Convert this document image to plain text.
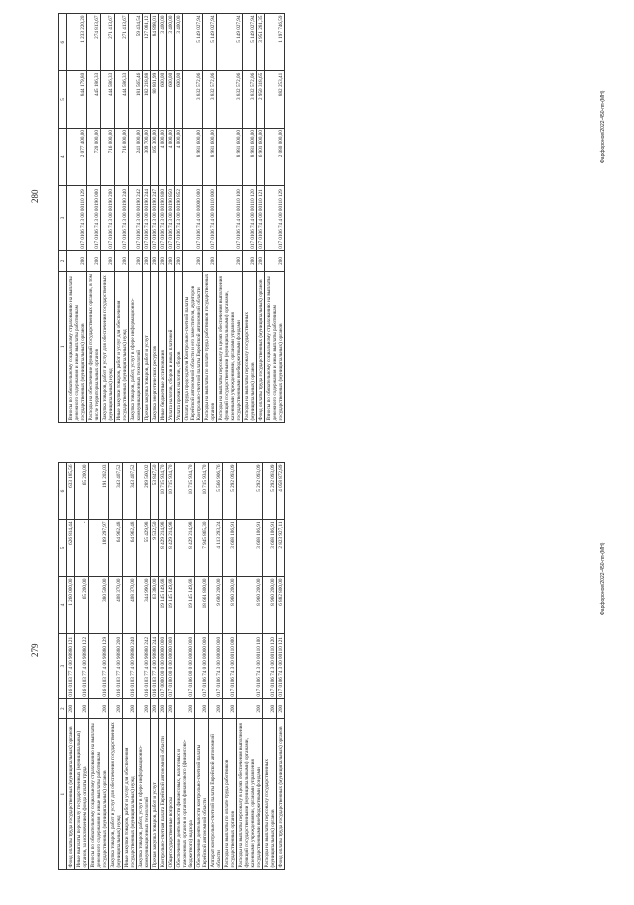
279
1	2	3	4	5	6
Фонд оплаты труда государственных (муниципальных) органов	200	016 0103 77 4 00 90880 121	1 260 000,00	626 814,44	633 185,56
Иные выплаты персоналу государственных (муниципальных) органов, за исключением фонда оплаты труда	200	016 0103 77 4 00 90880 122	65 200,00	-	65 200,00
Взносы по обязательному социальному страхованию на выплаты денежного содержания и иные выплаты работникам государственных (муниципальных) органов	200	016 0103 77 4 00 90880 129	380 500,00	189 297,97	191 202,03
Закупка товаров, работ и услуг для обеспечения государственных (муниципальных) нужд	200	016 0103 77 4 00 90880 200	408 370,00	64 962,48	343 407,52
Иные закупки товаров, работ и услуг для обеспечения государственных (муниципальных) нужд	200	016 0103 77 4 00 90880 240	408 370,00	64 962,48	343 407,52
Закупка товаров, работ, услуг в сфере информационно-коммуникационных технологий	200	016 0103 77 4 00 90880 242	344 990,00	55 429,98	289 560,02
Прочая закупка товаров, работ и услуг	200	016 0103 77 4 00 90880 244	63 380,00	9 532,50	53 847,50
Контрольно-счетная палата Еврейской автономной области	200	017 0000 00 0 00 00000 000	19 145 149,68	8 429 214,98	10 715 934,70
Общегосударственные вопросы	200	017 0100 00 0 00 00000 000	19 145 149,68	8 429 214,98	10 715 934,70
Обеспечение деятельности финансовых, налоговых и таможенных органов и органов финансового (финансово-бюджетного) надзора	200	017 0106 00 0 00 00000 000	19 145 149,68	8 429 214,98	10 715 934,70
Обеспечение деятельности контрольно-счетной палаты Еврейской автономной области	200	017 0106 74 0 00 00000 000	18 661 800,00	7 945 865,30	10 715 934,70
Аппарат контрольно-счетной палаты Еврейской автономной области	200	017 0106 74 3 00 00000 000	9 680 200,00	4 113 293,24	5 566 906,76
Расходы на выплаты по оплате труда работников государственных органов	200	017 0106 74 3 00 00110 000	8 960 200,00	3 668 106,91	5 292 093,09
Расходы на выплаты персоналу в целях обеспечения выполнения функций государственными (муниципальными) органами, казенными учреждениями, органами управления государственными внебюджетными фондами	200	017 0106 74 3 00 00110 100	8 960 200,00	3 668 106,91	5 292 093,09
Расходы на выплаты персоналу государственных (муниципальных) органов	200	017 0106 74 3 00 00110 120	8 960 200,00	3 668 106,91	5 292 093,09
Фонд оплаты труда государственных (муниципальных) органов	200	017 0106 74 3 00 00110 121	6 882 800,00	2 823 927,11	4 058 872,89
Фарфоронов/2022-450-пп-(МН)
280
1	2	3	4	5	6
Взносы по обязательному социальному страхованию на выплаты денежного содержания и иные выплаты работникам государственных (муниципальных) органов	200	017 0106 74 3 00 00110 129	2 077 400,00	844 179,80	1 233 220,20
Расходы на обеспечение функций государственных органов, в том числе территориальных органов	200	017 0106 74 3 00 00190 000	720 000,00	445 186,33	274 813,67
Закупка товаров, работ и услуг для обеспечения государственных (муниципальных) нужд	200	017 0106 74 3 00 00190 200	716 000,00	444 586,33	271 413,67
Иные закупки товаров, работ и услуг для обеспечения государственных (муниципальных) нужд	200	017 0106 74 3 00 00190 240	716 000,00	444 586,33	271 413,67
Закупка товаров, работ, услуг в сфере информационно-коммуникационных технологий	200	017 0106 74 3 00 00190 242	241 000,00	181 565,46	59 434,54
Прочая закупка товаров, работ и услуг	200	017 0106 74 3 00 00190 244	309 700,00	182 218,88	127 081,12
Закупка энергетических ресурсов	200	017 0106 74 3 00 00190 247	165 300,00	80 801,99	84 898,01
Иные бюджетные ассигнования	200	017 0106 74 3 00 00190 800	4 000,00	600,00	3 400,00
Уплата налогов, сборов и иных платежей	200	017 0106 74 3 00 00190 850	4 000,00	600,00	3 400,00
Уплата прочих налогов, сборов	200	017 0106 74 3 00 00190 852	4 000,00	600,00	3 400,00
Оплата труда председателя Контрольно-счетной палаты Еврейской автономной области и его заместителя, аудиторов Контрольно-счетной палаты Еврейской автономной области	200	017 0106 74 4 00 00000 000	8 981 600,00	3 832 572,06	5 149 027,94
Расходы на выплаты по оплате труда работников государственных органов	200	017 0106 74 4 00 00110 000	8 981 600,00	3 832 572,06	5 149 027,94
Расходы на выплаты персоналу в целях обеспечения выполнения функций государственными (муниципальными) органами, казенными учреждениями, органами управления государственными внебюджетными фондами	200	017 0106 74 4 00 00110 100	8 981 600,00	3 832 572,06	5 149 027,94
Расходы на выплаты персоналу государственных (муниципальных) органов	200	017 0106 74 4 00 00110 120	8 981 600,00	3 832 572,06	5 149 027,94
Фонд оплаты труда государственных (муниципальных) органов	200	017 0106 74 4 00 00110 121	6 901 600,00	2 950 318,65	3 951 281,35
Взносы по обязательному социальному страхованию на выплаты денежного содержания и иные выплаты работникам государственных (муниципальных) органов	200	017 0106 74 4 00 00110 129	2 080 000,00	882 253,41	1 197 746,59
Фарфоронов/2022-450-пп-(МН)
